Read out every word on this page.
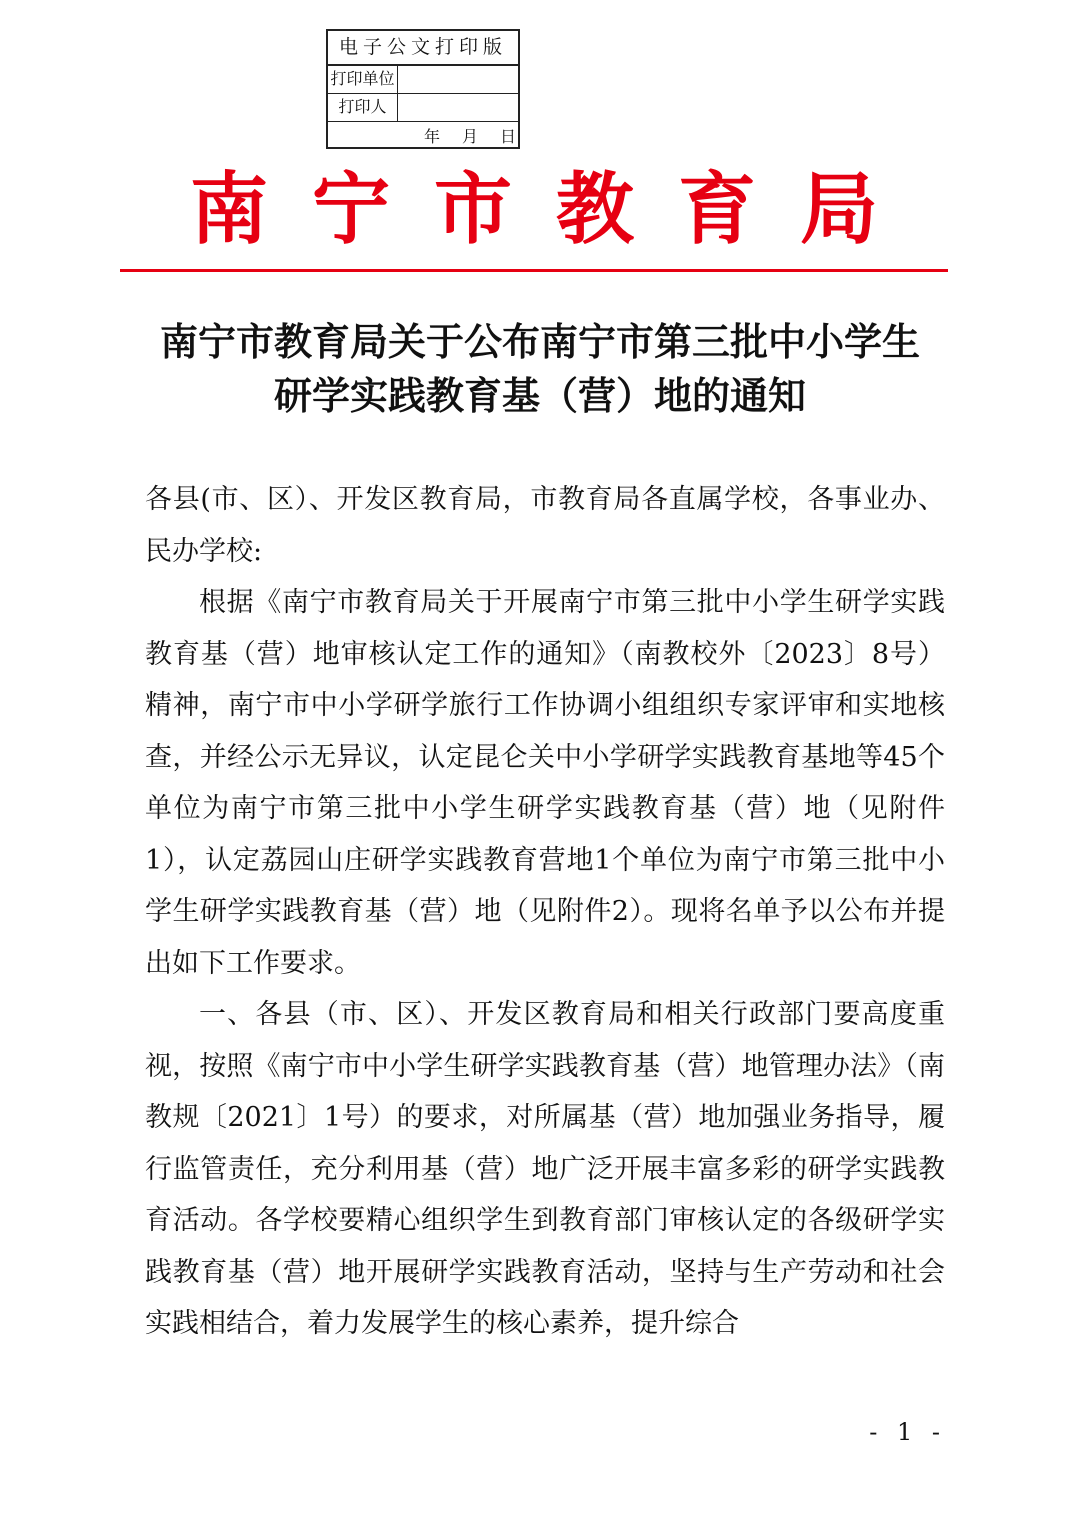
电子公文打印版
打印单位
打印人
年 月 日
南宁市教育局
南宁市教育局关于公布南宁市第三批中小学生
研学实践教育基（营）地的通知

各县(市、区）、开发区教育局，市教育局各直属学校，各事业办、民办学校:

根据《南宁市教育局关于开展南宁市第三批中小学生研学实践教育基（营）地审核认定工作的通知》（南教校外〔2023〕8号）精神，南宁市中小学研学旅行工作协调小组组织专家评审和实地核查，并经公示无异议，认定昆仑关中小学研学实践教育基地等45个单位为南宁市第三批中小学生研学实践教育基（营）地（见附件1），认定荔园山庄研学实践教育营地1个单位为南宁市第三批中小学生研学实践教育基（营）地（见附件2）。现将名单予以公布并提出如下工作要求。

一、各县（市、区）、开发区教育局和相关行政部门要高度重视，按照《南宁市中小学生研学实践教育基（营）地管理办法》（南教规〔2021〕1号）的要求，对所属基（营）地加强业务指导，履行监管责任，充分利用基（营）地广泛开展丰富多彩的研学实践教育活动。各学校要精心组织学生到教育部门审核认定的各级研学实践教育基（营）地开展研学实践教育活动，坚持与生产劳动和社会实践相结合，着力发展学生的核心素养，提升综合

- 1 -
